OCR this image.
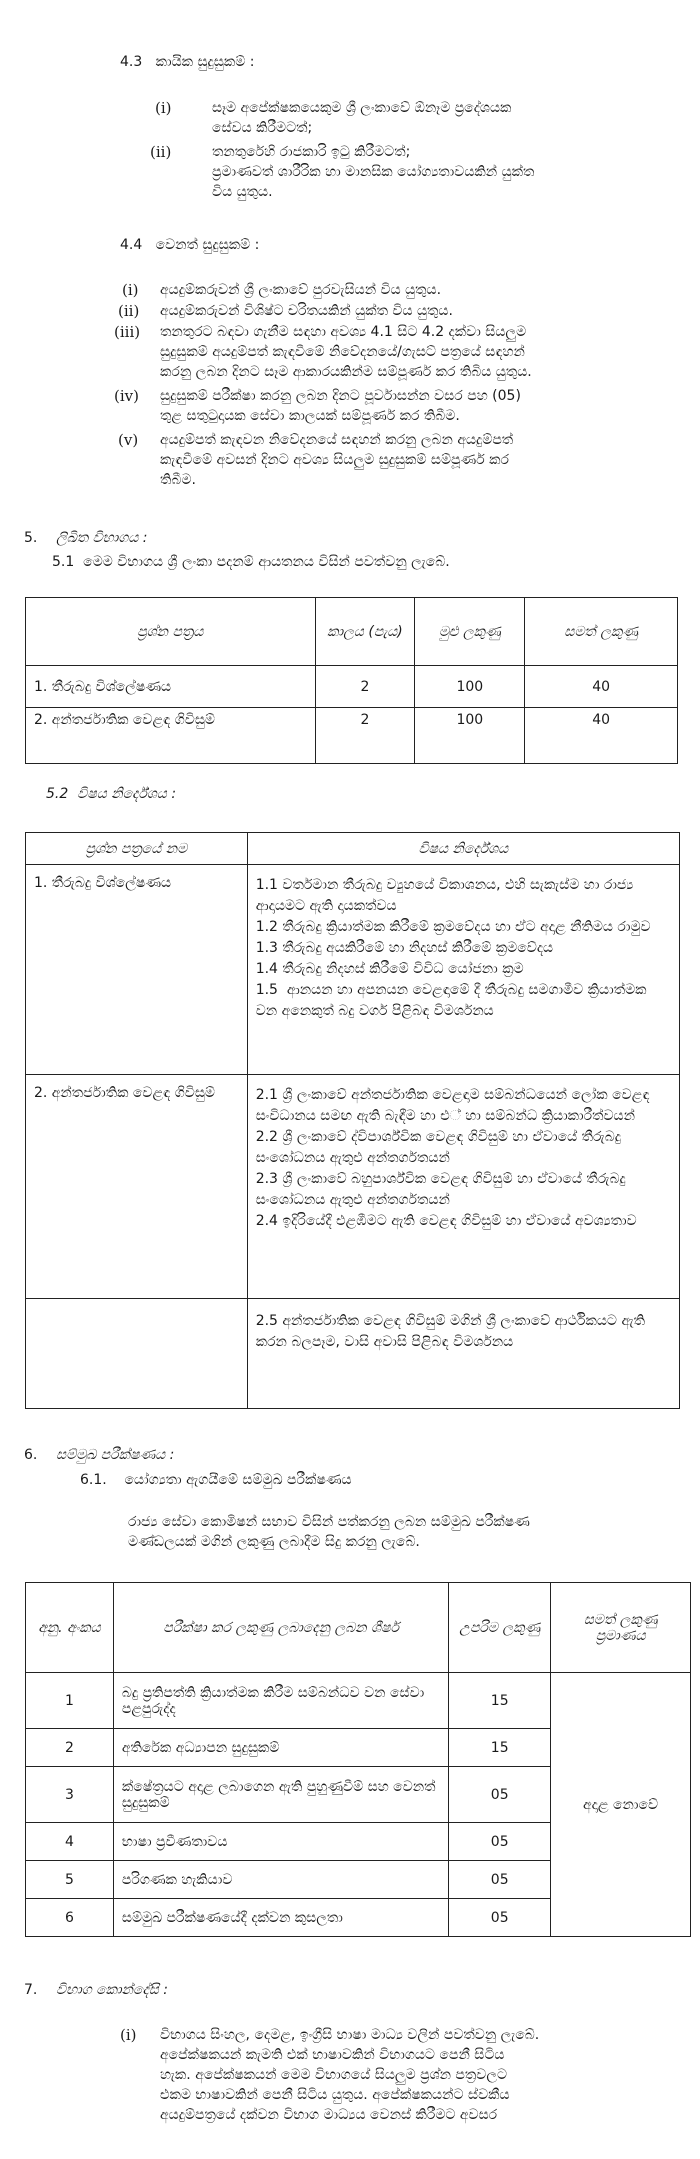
4.3   කායික සුදුසුකම් :
(i)	සෑම අපේක්ෂකයෙකුම ශ්‍රී ලංකාවේ ඕනෑම ප්‍රදේශයක
සේවය කිරීමටත්;
(ii)	තනතුරේහි රාජකාරි ඉටු කිරීමටත්;
ප්‍රමාණවත් ශාරීරික හා මානසික යෝග්‍යතාවයකින් යුක්ත
විය යුතුය.
4.4   වෙනත් සුදුසුකම් :
(i) අයදුම්කරුවන් ශ්‍රී ලංකාවේ පුරවැසියන් විය යුතුය.
(ii) අයදුම්කරුවන් විශිෂ්ට චරිතයකින් යුක්ත විය යුතුය.
(iii) තනතුරට බඳවා ගැනීම සඳහා අවශ්‍ය 4.1 සිට 4.2 දක්වා සියලුම
සුදුසුකම් අයදුම්පත් කැඳවීමේ නිවේදනයේ/ගැසට් පත්‍රයේ සඳහන්
කරනු ලබන දිනට සෑම ආකාරයකින්ම සම්පූර්ණ කර තිබිය යුතුය.
(iv) සුදුසුකම් පරීක්ෂා කරනු ලබන දිනට පූර්වාසන්න වසර පහ (05)
තුළ සතුටුදායක සේවා කාලයක් සම්පූර්ණ කර තිබීම.
(v) අයදුම්පත් කැඳවන නිවේදනයේ සඳහන් කරනු ලබන අයදුම්පත්
කැඳවීමේ අවසන් දිනට අවශ්‍ය සියලුම සුදුසුකම් සම්පූර්ණ කර
තිබීම.
5. ලිඛිත විභාගය :
5.1  මෙම විභාගය ශ්‍රී ලංකා පදනම් ආයතනය විසින් පවත්වනු ලැබේ.
ප්‍රශ්න පත්‍රය	කාලය (පැය)	මුළු ලකුණු	සමත් ලකුණු
1. තීරුබදු විශ්ලේෂණය	2	100	40
2. අන්තර්ජාතික වෙළඳ ගිවිසුම්	2	100	40
5.2  විෂය නිර්දේශය :
ප්‍රශ්න පත්‍රයේ නම	විෂය නිර්දේශය
1. තීරුබදු විශ්ලේෂණය	1.1 වර්තමාන තීරුබදු ව්‍යුහයේ විකාශනය, එහි සැකැස්ම හා රාජ්‍ය ආදායමට ඇති දායකත්වය
1.2 තීරුබදු ක්‍රියාත්මක කිරීමේ ක්‍රමවේදය හා ඒට අදාළ නීතිමය රාමුව
1.3 තීරුබදු අයකිරීමේ හා නිදහස් කිරීමේ ක්‍රමවේදය
1.4 තීරුබදු නිදහස් කිරීමේ විවිධ යෝජනා ක්‍රම
1.5  ආනයන හා අපනයන වෙළඳාමේ දී තීරුබදු සමගාමීව ක්‍රියාත්මක වන අනෙකුත් බදු වර්ග පිළිබඳ විමර්ශනය

2. අන්තර්ජාතික වෙළඳ ගිවිසුම්	2.1 ශ්‍රී ලංකාවේ අන්තර්ජාතික වෙළඳාම සම්බන්ධයෙන් ලෝක වෙළඳ සංවිධානය සමඟ ඇති බැඳීම හා එ් හා සම්බන්ධ ක්‍රියාකාරීත්වයන්
2.2 ශ්‍රී ලංකාවේ ද්විපාර්ශ්වික වෙළඳ ගිවිසුම් හා ඒවායේ තීරුබදු සංශෝධනය ඇතුළු අන්තර්ගතයන්
2.3 ශ්‍රී ලංකාවේ බහුපාර්ශ්වික වෙළඳ ගිවිසුම් හා ඒවායේ තීරුබදු සංශෝධනය ඇතුළු අන්තර්ගතයන්
2.4 ඉදිරියේදී එළඹීමට ඇති වෙළඳ ගිවිසුම් හා ඒවායේ අවශ්‍යතාව

	2.5 අන්තර්ජාතික වෙළඳ ගිවිසුම් මගින් ශ්‍රී ලංකාවේ ආර්ථිකයට ඇති කරන බලපෑම, වාසි අවාසි පිළිබඳ විමර්ශනය
6. සම්මුඛ පරීක්ෂණය :
6.1.    යෝග්‍යතා ඇගයීමේ සම්මුඛ පරීක්ෂණය
රාජ්‍ය සේවා කොමිෂන් සභාව විසින් පත්කරනු ලබන සම්මුඛ පරීක්ෂණ
මණ්ඩලයක් මගින් ලකුණු ලබාදීම සිදු කරනු ලැබේ.
අනු. අංකය	පරීක්ෂා කර ලකුණු ලබාදෙනු ලබන ශීර්ෂ	උපරිම ලකුණු	සමත් ලකුණු ප්‍රමාණය
1	බදු ප්‍රතිපත්ති ක්‍රියාත්මක කිරීම සම්බන්ධව වන සේවා පළපුරුද්ද	15	අදාළ නොවේ
2	අතිරේක අධ්‍යාපන සුදුසුකම්	15	
3	ක්ෂේත්‍රයට අදාළ ලබාගෙන ඇති පුහුණුවීම් සහ වෙනත් සුදුසුකම්	05	
4	භාෂා ප්‍රවීණතාවය	05	
5	පරිගණක හැකියාව	05	
6	සම්මුඛ පරීක්ෂණයේදී දක්වන කුසලතා	05	
7. විභාග කොන්දේසි :
(i) විභාගය සිංහල, දෙමළ, ඉංග්‍රීසි භාෂා මාධ්‍ය වලින් පවත්වනු ලැබේ.
අපේක්ෂකයන් කැමති එක් භාෂාවකින් විභාගයට පෙනී සිටිය
හැක. අපේක්ෂකයන් මෙම විභාගයේ සියලුම ප්‍රශ්න පත්‍රවලට
එකම භාෂාවකින් පෙනී සිටිය යුතුය. අපේක්ෂකයන්ට ස්වකීය
අයදුම්පත්‍රයේ දක්වන විභාග මාධ්‍යය වෙනස් කිරීමට අවසර
